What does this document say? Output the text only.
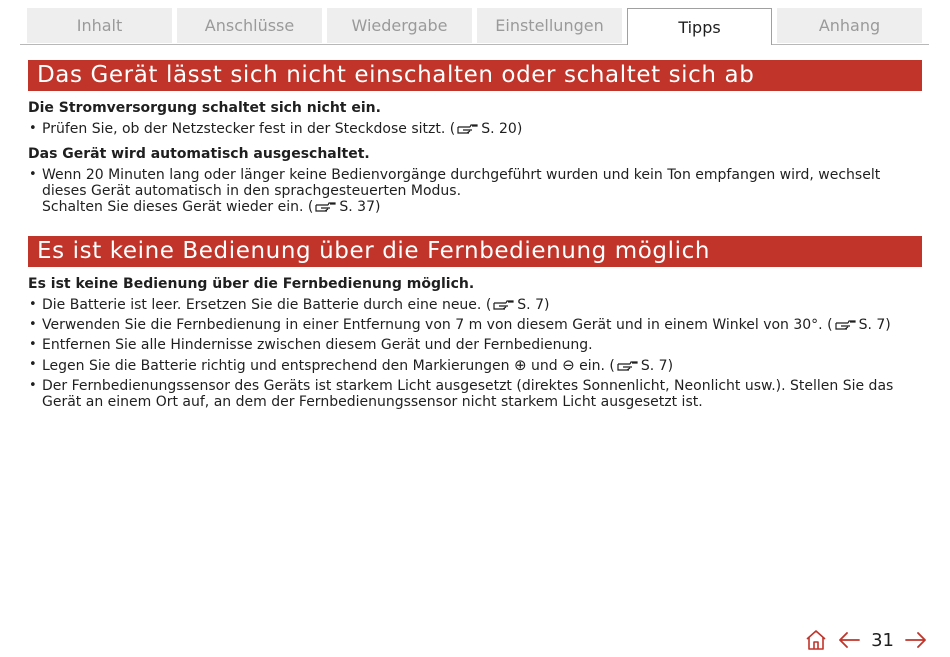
Inhalt	Anschlüsse	Wiedergabe	Einstellungen	Tipps	Anhang
Das Gerät lässt sich nicht einschalten oder schaltet sich ab
Die Stromversorgung schaltet sich nicht ein.
• Prüfen Sie, ob der Netzstecker fest in der Steckdose sitzt. ( S. 20)
Das Gerät wird automatisch ausgeschaltet.
• Wenn 20 Minuten lang oder länger keine Bedienvorgänge durchgeführt wurden und kein Ton empfangen wird, wechselt dieses Gerät automatisch in den sprachgesteuerten Modus.
Schalten Sie dieses Gerät wieder ein. ( S. 37)
Es ist keine Bedienung über die Fernbedienung möglich
Es ist keine Bedienung über die Fernbedienung möglich.
• Die Batterie ist leer. Ersetzen Sie die Batterie durch eine neue. ( S. 7)
• Verwenden Sie die Fernbedienung in einer Entfernung von 7 m von diesem Gerät und in einem Winkel von 30°. ( S. 7)
• Entfernen Sie alle Hindernisse zwischen diesem Gerät und der Fernbedienung.
• Legen Sie die Batterie richtig und entsprechend den Markierungen ⊕ und ⊖ ein. ( S. 7)
• Der Fernbedienungssensor des Geräts ist starkem Licht ausgesetzt (direktes Sonnenlicht, Neonlicht usw.). Stellen Sie das Gerät an einem Ort auf, an dem der Fernbedienungssensor nicht starkem Licht ausgesetzt ist.
31
